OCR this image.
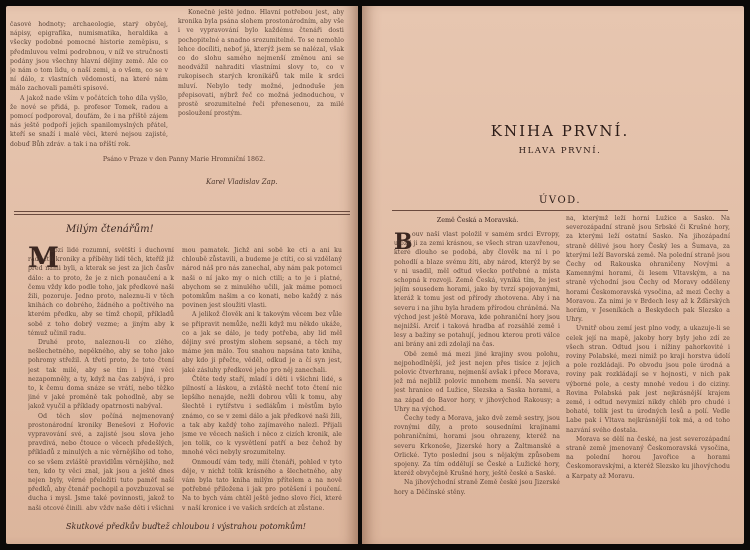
časové hodnoty; archaeologie, starý obyčej, nápisy, epigrafika, numismatika, heraldika a všecky podobné pomocné historie zeměpisu, s předmluvou velmi podrobnou, v níž ve stručnosti podány jsou všechny hlavní dějiny země. Ale co je nám o tom lidu, o naší zemi, a o všem, co se v ní dálo, z vlastních vědomostí, na které nám málo zachovali paměti spisové.

A jakož nade vším v počátcích toho díla vyšlo, že nové se přidá, p. profesor Tomek, radou a pomocí podporoval, doufám, že i na příště zájem nás ještě podpoří jejich spanilomyslných přátel, kteří se snaží i malé věci, které nejsou zajisté, dobuď Bůh zdráv, a tak i na příští rok.

Konečně ještě jedno. Hlavní potřebou jest, aby kronika byla psána slohem prostonárodním, aby vše i ve vypravování bylo každému čtenáři dosti pochopitelné a snadno srozumitelné. To se nemohlo lehce docíliti, neboť já, kterýž jsem se nalézal, však co do slohu samého nejmenší změnou ani se neodvážil nahraditi vlastními slovy to, co v rukopisech starých kronikářů tak mile k srdci mluví. Nebylo tedy možné, jednoduše jen přepisovati, nýbrž řeč co možná jednoduchou, v prostě srozumitelné řeči přenesenou, za milé posloužení prostým.

Psáno v Praze v den Panny Marie Hromniční 1862.
Karel Vladislav Zap.
Milým čtenářům!
M

nozí lidé rozumní, světští i duchovní rádi čtli kroniky a příběhy lidí těch, kteříž již před námi byli, a kterak se jest za jich časův dálo: a to proto, že je z nich ponaučení a k čemu vždy kdo podle toho, jak předkové naši žili, pozoruje. Jedno proto, naleznu-li v těch knihách co dobrého, žádného a počtivého na kterém předku, aby se tímž chopil, příkladů sobě z toho dobrý vezme; a jiným aby k témuž učinil radu.

Druhé proto, naleznou-li co zlého, nešlechetného, nepěkného, aby se toho jako pohromy střežil. A třetí proto, že toto čtení jest tak milé, aby se tím i jiné věci nezapomněly, a ty, když na čas zabývá, i pro to, k čemu doma snáze se vrátí, nebo těžko jiné v jaké proměně tak pohodlně, aby se jakož vyučil a příklady opatrnosti nabýval.

Od těch slov počíná nejmenovaný prostonárodní kroniky Benešovi z Hořovic vypravování své, a zajisté jsou slova jeho pravdivá, nebo čtouce o věcech předešlých, příkladů z minulých a nic věrnějšího od toho, co se všem zvláště pravidlům věrnějšího, než ten, kdo ty věci znal, jak jsou a ještě dnes nejen byly, věrné přeložiti tuto paměť naší předků, aby čtenář pochopil a povzbuzoval se ducha i mysl. Jsme také povinnosti, jakož to naši otcové činili, aby vždy naše děti i všichni

mou pamatek. Jichž ani sobě ke cti a ani ku chloubě zůstavili, a budeme je ctíti, co si vzdělaný národ náš pro nás zanechal, aby nám pak potomci naši o ní jako my o nich ctili; a to je i platné, abychom se z minulého učili, jak máme pomoci potomkům našim a co konati, nebo každý z nás povinen jest sloužiti vlasti.

A jelikož člověk ani k takovým věcem bez vůle se připravit nemůže, nežli když mu někdo ukáže, co a jak se dálo, je tedy potřeba, aby lid měl dějiny své prostým slohem sepsané, a těch my máme jen málo. Tou snahou napsána tato kniha, aby kdo ji přečte, věděl, odkud je a čí syn jest, jaké zásluhy předkové jeho pro něj zanechali.

Čtěte tedy staří, mladí i děti i všichni lidé, s pilností a láskou, a zvláště nechť toto čtení nic lepšího nenajde, nežli dobrou vůli k tomu, aby šlechtě i rytířstvu i sedlákům i městům bylo známo, co se v zemi dálo a jak předkové naši žili, a tak aby každý toho zajímavého nalezl. Přijali jsme ve věcech našich i něco z cizích kronik, ale jen tolik, co k vysvětlení patří a bez čehož by mnohé věci nebyly srozumitelny.

Onmoudí vám tedy, milí čtenáři, pohled v tyto děje, v nichž tolik krásného a šlechetného, aby vám byla tato kniha milým přítelem a na nově potřebné přiložena i jak pro potěšení i poučení. Na to bych vám chtěl ještě jedno slovo říci, které v naší kronice i ve vašich srdcích at zůstane.

Skutkové předkův buďtež chloubou i výstrahou potomkům!
KNIHA PRVNÍ.
HLAVA PRVNÍ.
ÚVOD.
Země Česká a Moravská.
B ouv naší vlast položil v samém srdci Evropy, uložil ji za zemi krásnou, se všech stran uzavřenou, které dlouho se podobá, aby člověk na ní i po pohodlí a blaze svému žíti, aby národ, kterýž by se v ni usadil, měl odtud všecko potřebné a místa schopná k rozvoji. Země Česká, vyniká tím, že jest jejím sousedem horami, jako by tvrzí spojovanými, kteráž k tomu jest od přírody zhotovena. Aby i na severu i na jihu byla hradem přírodou chráněná. Na východ jest ještě Morava, kde pohraniční hory jsou nejnižší. Arciť i taková hradba ať rozsáhlé země i lesy a bažiny se potahují, jednou kterou proti válce ani brány ani zdi zdolají na čas.

Obě země má mezi jiné krajiny svou polohu, nejpohodlnější, jež jest nejen přes tisíce z jejich polovic čtverhranu, nejmenší avšak i přece Morava, jež má nejblíž polovic mnohem menší. Na severu jest hranice od Lužice, Slezska a Saska horami, a na západ do Bavor hory, v jihovýchod Rakousy; a Uhry na východ.

Čechy tedy a Morava, jako dvě země sestry, jsou rovnými díly, a proto sousedními krajinami pohraničními, horami jsou ohrazeny, kteréž na severu Krkonoše, Jizerské hory a Žaltmanské a Orlické. Tyto poslední jsou s nějakým způsobem spojeny. Za tím oddělují se České a Lužické hory, kteréž obvyčejně Krušné hory, ještě české a Saské.

Na jihovýchodní straně Země české jsou Jizerské hory a Děčínské stěny.

na, kterýmž leží horní Lužice a Sasko. Na severozápadní straně jsou Srbské či Krušné hory, za kterými leží ostatní Sasko. Na jihozápadní straně dělivé jsou hory Český les a Šumava, za kterými leží Bavorská země. Na polední straně jsou Čechy od Rakouska ohraničeny Novými a Kamennými horami, či lesem Vltavským, a na straně východní jsou Čechy od Moravy odděleny horami Českomoravská vysočina, až mezi Čechy a Moravou. Za nimi je v Brdech lesy až k Žďárských horám, v Jeseníkách a Beskydech pak Slezsko a Uhry.

Uvnitř obou zemí jest plno vody, a ukazuje-li se celek její na mapě, jakoby hory byly jeho zdí ze všech stran. Odtud jsou i nížiny pahorkovité i roviny Polabské, mezi nimiž po kraji horstva údolí a pole rozkládaji. Po obvodu jsou pole úrodná a roviny pak rozkládají se v hojnosti, v nich pak výborné pole, a cesty mnohé vedou i do ciziny. Rovina Polabská pak jest nejkrásnější krajem země, i odtud nevymizí nikdy chléb pro chudé i bohaté, tolik jest tu úrodných lesů a polí. Vedle Labe pak i Vltava nejkrásnější tok má, a od toho nazvání svého dostala.

Morava se dělí na české, na jest severozápadní straně země jmenovaný Českomoravská vysočina, na polední horou Javořice a horami Českomoravskými, a kteréž Slezsko ku jihovýchodu a Karpaty až Moravu.
